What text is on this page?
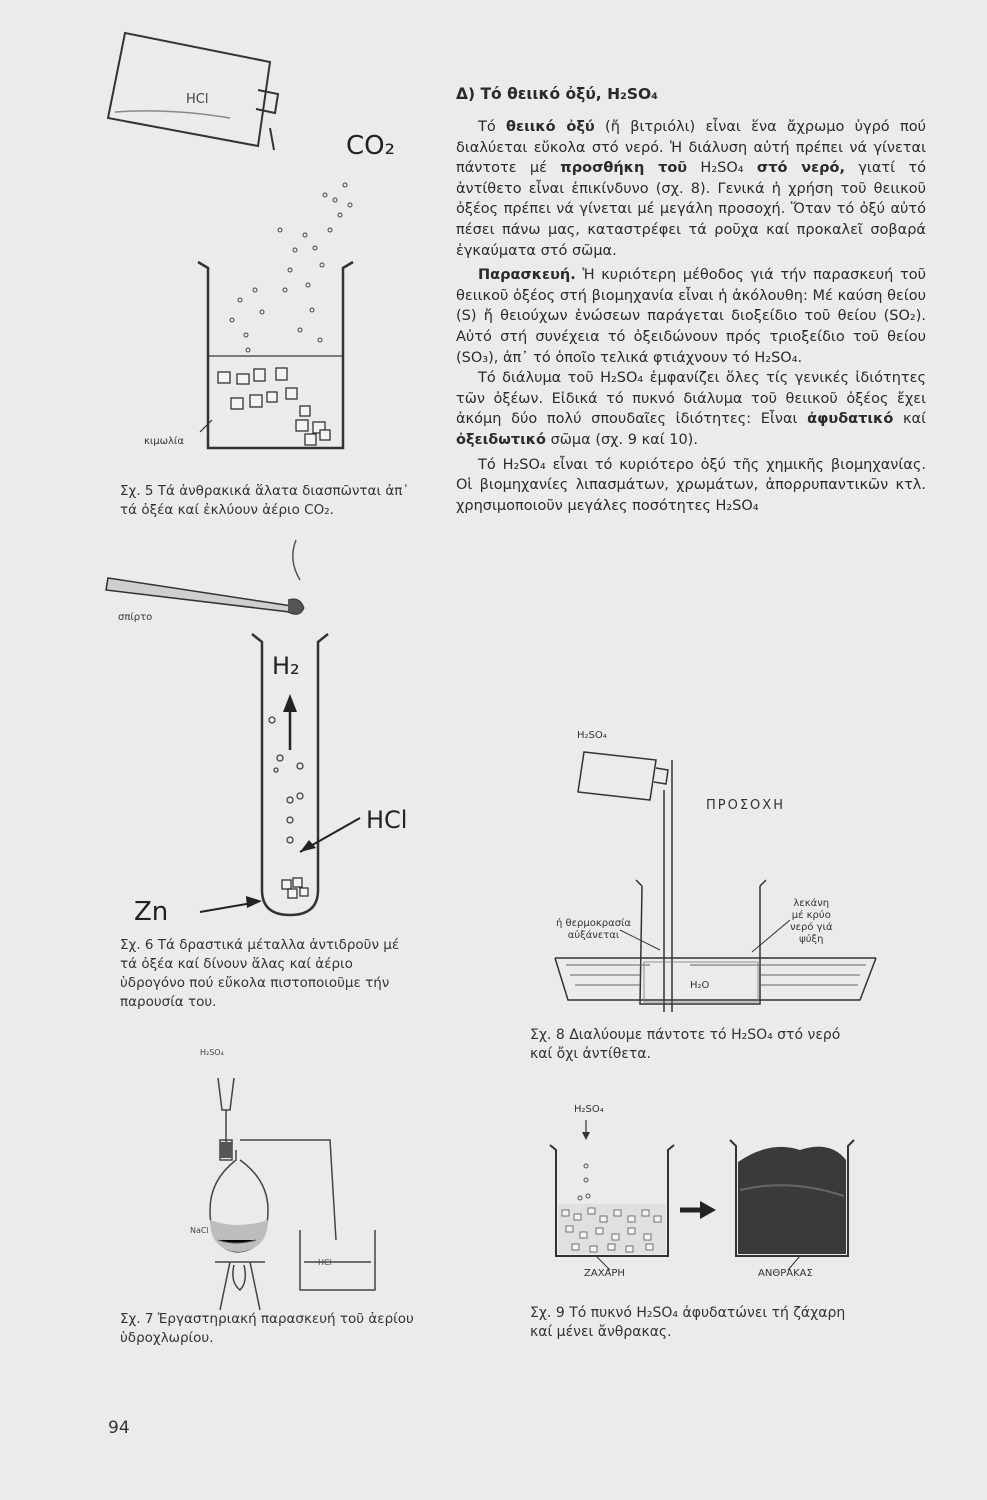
Δ) Τό θειικό ὀξύ, H₂SO₄

Τό θειικό ὀξύ (ἤ βιτριόλι) εἶναι ἕνα ἄχρωμο ὑγρό πού διαλύεται εὔκολα στό νερό. Ἡ διάλυση αὐτή πρέπει νά γίνεται πάντοτε μέ προσθήκη τοῦ H₂SO₄ στό νερό, γιατί τό ἀντίθετο εἶναι ἐπικίνδυνο (σχ. 8). Γενικά ἡ χρήση τοῦ θειικοῦ ὀξέος πρέπει νά γίνεται μέ μεγάλη προσοχή. Ὅταν τό ὀξύ αὐτό πέσει πάνω μας, καταστρέφει τά ροῦχα καί προκαλεῖ σοβαρά ἐγκαύματα στό σῶμα.

Παρασκευή. Ἡ κυριότερη μέθοδος γιά τήν παρασκευή τοῦ θειικοῦ ὀξέος στή βιομηχανία εἶναι ἡ ἀκόλουθη: Μέ καύση θείου (S) ἤ θειούχων ἑνώσεων παράγεται διοξείδιο τοῦ θείου (SO₂). Αὐτό στή συνέχεια τό ὀξειδώνουν πρός τριοξείδιο τοῦ θείου (SO₃), ἀπ᾽ τό ὁποῖο τελικά φτιάχνουν τό H₂SO₄.

Τό διάλυμα τοῦ H₂SO₄ ἐμφανίζει ὅλες τίς γενικές ἰδιότητες τῶν ὀξέων. Εἰδικά τό πυκνό διάλυμα τοῦ θειικοῦ ὀξέος ἔχει ἀκόμη δύο πολύ σπουδαῖες ἰδιότητες: Εἶναι ἀφυδατικό καί ὀξειδωτικό σῶμα (σχ. 9 καί 10).

Τό H₂SO₄ εἶναι τό κυριότερο ὀξύ τῆς χημικῆς βιομηχανίας. Οἱ βιομηχανίες λιπασμάτων, χρωμάτων, ἀπορρυπαντικῶν κτλ. χρησιμοποιοῦν μεγάλες ποσότητες H₂SO₄

HCl
CO₂
κιμωλία
Σχ. 5 Τά ἀνθρακικά ἅλατα διασπῶνται ἀπ᾽ τά ὀξέα καί ἐκλύουν ἀέριο CO₂.
σπίρτο
H₂
HCl
Zn
Σχ. 6 Τά δραστικά μέταλλα ἀντιδροῦν μέ τά ὀξέα καί δίνουν ἅλας καί ἀέριο ὑδρογόνο πού εὔκολα πιστοποιοῦμε τήν παρουσία του.
H₂SO₄
NaCl
HCl
Σχ. 7 Ἐργαστηριακή παρασκευή τοῦ ἀερίου ὑδροχλωρίου.
H₂SO₄
ΠΡΟΣΟΧΗ
ἡ θερμοκρασία
αὐξάνεται
λεκάνη
μέ κρύο
νερό γιά
ψύξη
H₂O
Σχ. 8 Διαλύουμε πάντοτε τό H₂SO₄ στό νερό καί ὄχι ἀντίθετα.
H₂SO₄
ΖΑΧΑΡΗ	ΑΝΘΡΑΚΑΣ
Σχ. 9 Τό πυκνό H₂SO₄ ἀφυδατώνει τή ζάχαρη καί μένει ἄνθρακας.
94
